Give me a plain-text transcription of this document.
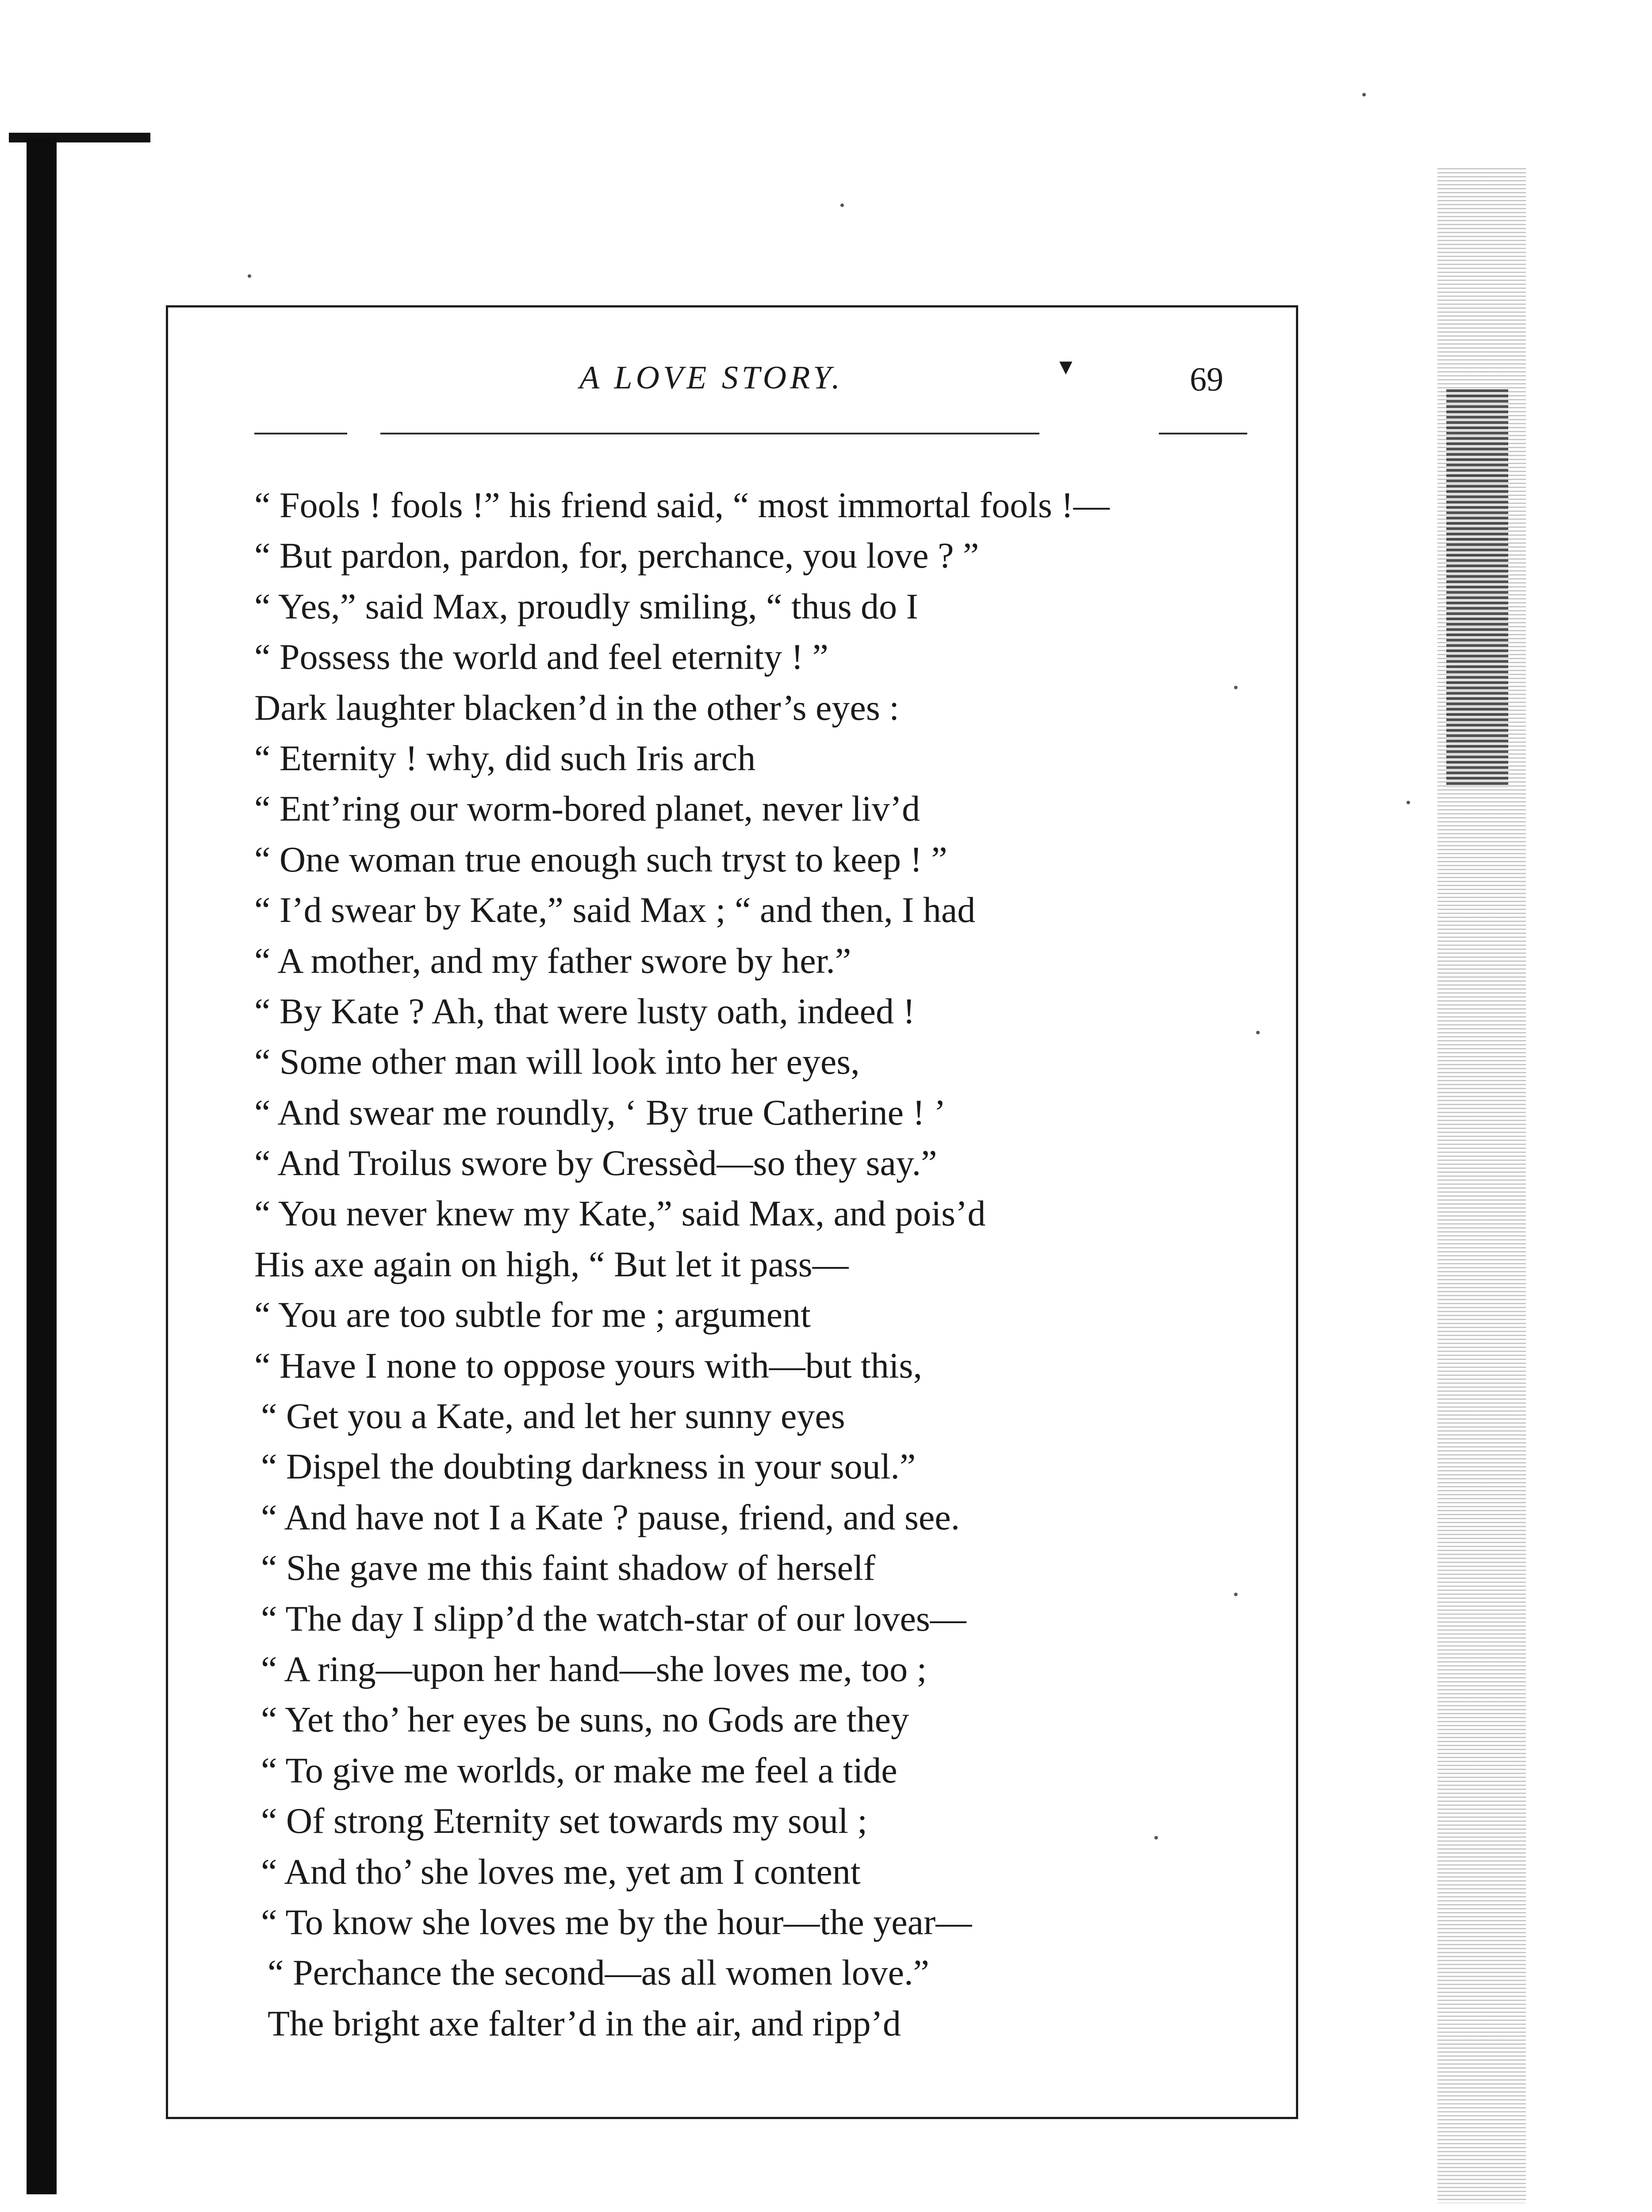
A LOVE STORY.	▼	69
“ Fools ! fools !” his friend said, “ most immortal fools !—
“ But pardon, pardon, for, perchance, you love ? ”
“ Yes,” said Max, proudly smiling, “ thus do I
“ Possess the world and feel eternity ! ”
Dark laughter blacken’d in the other’s eyes :
“ Eternity ! why, did such Iris arch
“ Ent’ring our worm-bored planet, never liv’d
“ One woman true enough such tryst to keep ! ”
“ I’d swear by Kate,” said Max ; “ and then, I had
“ A mother, and my father swore by her.”
“ By Kate ? Ah, that were lusty oath, indeed !
“ Some other man will look into her eyes,
“ And swear me roundly, ‘ By true Catherine ! ’
“ And Troilus swore by Cressèd—so they say.”
“ You never knew my Kate,” said Max, and pois’d
His axe again on high, “ But let it pass—
“ You are too subtle for me ; argument
“ Have I none to oppose yours with—but this,
“ Get you a Kate, and let her sunny eyes
“ Dispel the doubting darkness in your soul.”
“ And have not I a Kate ? pause, friend, and see.
“ She gave me this faint shadow of herself
“ The day I slipp’d the watch-star of our loves—
“ A ring—upon her hand—she loves me, too ;
“ Yet tho’ her eyes be suns, no Gods are they
“ To give me worlds, or make me feel a tide
“ Of strong Eternity set towards my soul ;
“ And tho’ she loves me, yet am I content
“ To know she loves me by the hour—the year—
“ Perchance the second—as all women love.”
The bright axe falter’d in the air, and ripp’d
